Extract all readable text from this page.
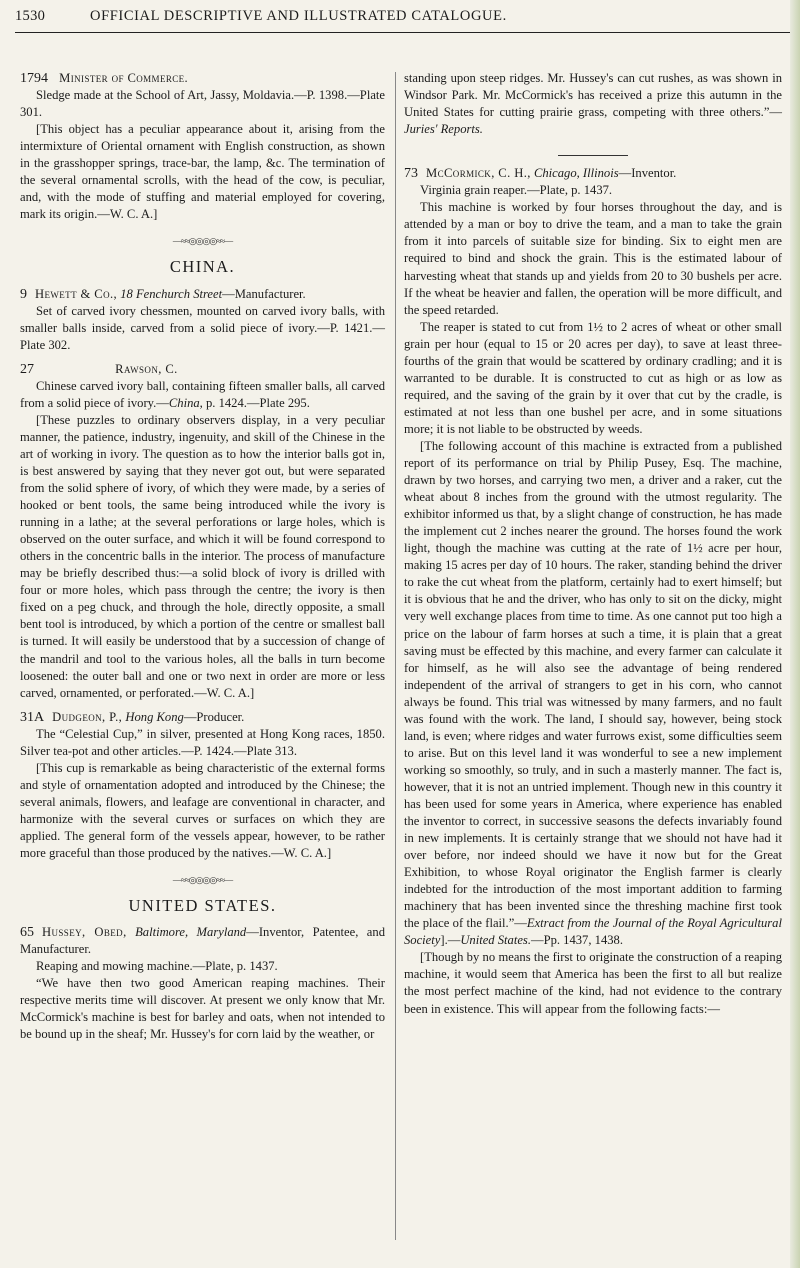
1530	OFFICIAL DESCRIPTIVE AND ILLUSTRATED CATALOGUE.

1794 Minister of Commerce.

Sledge made at the School of Art, Jassy, Moldavia.—P. 1398.—Plate 301.

[This object has a peculiar appearance about it, arising from the intermixture of Oriental ornament with English construction, as shown in the grasshopper springs, trace-bar, the lamp, &c. The termination of the several ornamental scrolls, with the head of the cow, is peculiar, and, with the mode of stuffing and material employed for covering, mark its origin.—W. C. A.]

—≈≈◎◎◎◎≈≈—
CHINA.

9 Hewett & Co., 18 Fenchurch Street—Manufacturer.

Set of carved ivory chessmen, mounted on carved ivory balls, with smaller balls inside, carved from a solid piece of ivory.—P. 1421.—Plate 302.

27	Rawson, C.

Chinese carved ivory ball, containing fifteen smaller balls, all carved from a solid piece of ivory.—China, p. 1424.—Plate 295.

[These puzzles to ordinary observers display, in a very peculiar manner, the patience, industry, ingenuity, and skill of the Chinese in the art of working in ivory. The question as to how the interior balls got in, is best answered by saying that they never got out, but were separated from the solid sphere of ivory, of which they were made, by a series of hooked or bent tools, the same being introduced while the ivory is running in a lathe; at the several perforations or large holes, which is observed on the outer surface, and which it will be found correspond to others in the concentric balls in the interior. The process of manufacture may be briefly described thus:—a solid block of ivory is drilled with four or more holes, which pass through the centre; the ivory is then fixed on a peg chuck, and through the hole, directly opposite, a small bent tool is introduced, by which a portion of the centre or smallest ball is turned. It will easily be understood that by a succession of change of the mandril and tool to the various holes, all the balls in turn become loosened: the outer ball and one or two next in order are more or less carved, ornamented, or perforated.—W. C. A.]

31A Dudgeon, P., Hong Kong—Producer.

The “Celestial Cup,” in silver, presented at Hong Kong races, 1850. Silver tea-pot and other articles.—P. 1424.—Plate 313.

[This cup is remarkable as being characteristic of the external forms and style of ornamentation adopted and introduced by the Chinese; the several animals, flowers, and leafage are conventional in character, and harmonize with the several curves or surfaces on which they are applied. The general form of the vessels appear, however, to be rather more graceful than those produced by the natives.—W. C. A.]

—≈≈◎◎◎◎≈≈—
UNITED STATES.

65 Hussey, Obed, Baltimore, Maryland—Inventor, Patentee, and Manufacturer.

Reaping and mowing machine.—Plate, p. 1437.

“We have then two good American reaping machines. Their respective merits time will discover. At present we only know that Mr. McCormick's machine is best for barley and oats, when not intended to be bound up in the sheaf; Mr. Hussey's for corn laid by the weather, or

standing upon steep ridges. Mr. Hussey's can cut rushes, as was shown in Windsor Park. Mr. McCormick's has received a prize this autumn in the United States for cutting prairie grass, competing with three others.”—Juries' Reports.

73 McCormick, C. H., Chicago, Illinois—Inventor.

Virginia grain reaper.—Plate, p. 1437.

This machine is worked by four horses throughout the day, and is attended by a man or boy to drive the team, and a man to take the grain from it into parcels of suitable size for binding. Six to eight men are required to bind and shock the grain. This is the estimated labour of harvesting wheat that stands up and yields from 20 to 30 bushels per acre. If the wheat be heavier and fallen, the operation will be more difficult, and the speed retarded.

The reaper is stated to cut from 1½ to 2 acres of wheat or other small grain per hour (equal to 15 or 20 acres per day), to save at least three-fourths of the grain that would be scattered by ordinary cradling; and it is warranted to be durable. It is constructed to cut as high or as low as required, and the saving of the grain by it over that cut by the cradle, is estimated at not less than one bushel per acre, and in some situations more; it is not liable to be obstructed by weeds.

[The following account of this machine is extracted from a published report of its performance on trial by Philip Pusey, Esq. The machine, drawn by two horses, and carrying two men, a driver and a raker, cut the wheat about 8 inches from the ground with the utmost regularity. The exhibitor informed us that, by a slight change of construction, he has made the implement cut 2 inches nearer the ground. The horses found the work light, though the machine was cutting at the rate of 1½ acre per hour, making 15 acres per day of 10 hours. The raker, standing behind the driver to rake the cut wheat from the platform, certainly had to exert himself; but it is obvious that he and the driver, who has only to sit on the dicky, might very well exchange places from time to time. As one cannot put too high a price on the labour of farm horses at such a time, it is plain that a great saving must be effected by this machine, and every farmer can calculate it for himself, as he will also see the advantage of being rendered independent of the arrival of strangers to get in his corn, who cannot always be found. This trial was witnessed by many farmers, and no fault was found with the work. The land, I should say, however, being stock land, is even; where ridges and water furrows exist, some difficulties seem to arise. But on this level land it was wonderful to see a new implement working so smoothly, so truly, and in such a masterly manner. The fact is, however, that it is not an untried implement. Though new in this country it has been used for some years in America, where experience has enabled the inventor to correct, in successive seasons the defects invariably found in new implements. It is certainly strange that we should not have had it over before, nor indeed should we have it now but for the Great Exhibition, to whose Royal originator the English farmer is clearly indebted for the introduction of the most important addition to farming machinery that has been invented since the threshing machine first took the place of the flail.”—Extract from the Journal of the Royal Agricultural Society].—United States.—Pp. 1437, 1438.

[Though by no means the first to originate the construction of a reaping machine, it would seem that America has been the first to all but realize the most perfect machine of the kind, had not evidence to the contrary been in existence. This will appear from the following facts:—
